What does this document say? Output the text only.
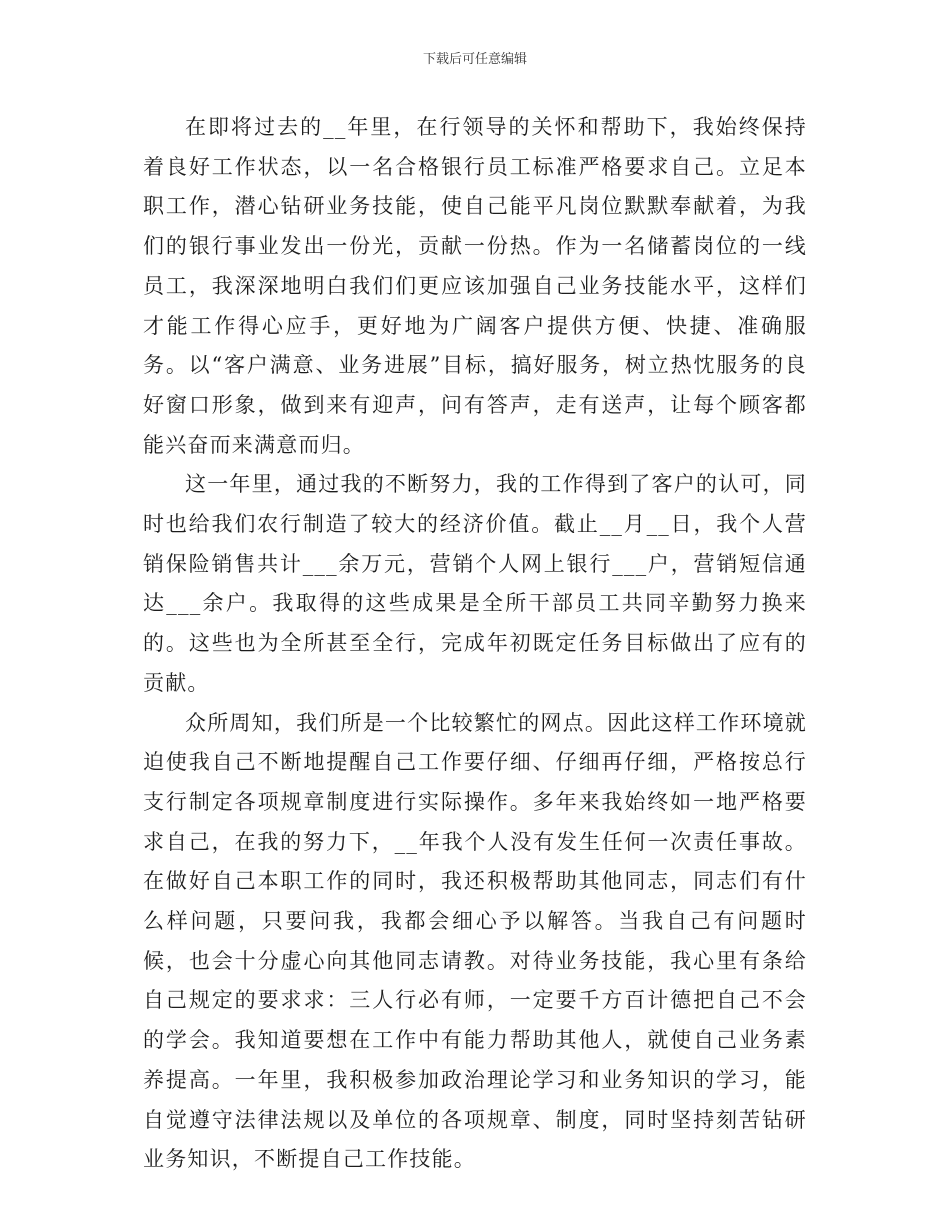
下载后可任意编辑

在即将过去的__年里，在行领导的关怀和帮助下，我始终保持着良好工作状态，以一名合格银行员工标准严格要求自己。立足本职工作，潜心钻研业务技能，使自己能平凡岗位默默奉献着，为我们的银行事业发出一份光，贡献一份热。作为一名储蓄岗位的一线员工，我深深地明白我们们更应该加强自己业务技能水平，这样们才能工作得心应手，更好地为广阔客户提供方便、快捷、准确服务。以“客户满意、业务进展”目标，搞好服务，树立热忱服务的良好窗口形象，做到来有迎声，问有答声，走有送声，让每个顾客都能兴奋而来满意而归。

这一年里，通过我的不断努力，我的工作得到了客户的认可，同时也给我们农行制造了较大的经济价值。截止__月__日，我个人营销保险销售共计___余万元，营销个人网上银行___户，营销短信通达___余户。我取得的这些成果是全所干部员工共同辛勤努力换来的。这些也为全所甚至全行，完成年初既定任务目标做出了应有的贡献。

众所周知，我们所是一个比较繁忙的网点。因此这样工作环境就迫使我自己不断地提醒自己工作要仔细、仔细再仔细，严格按总行支行制定各项规章制度进行实际操作。多年来我始终如一地严格要求自己，在我的努力下，__年我个人没有发生任何一次责任事故。在做好自己本职工作的同时，我还积极帮助其他同志，同志们有什么样问题，只要问我，我都会细心予以解答。当我自己有问题时候，也会十分虚心向其他同志请教。对待业务技能，我心里有条给自己规定的要求求：三人行必有师，一定要千方百计德把自己不会的学会。我知道要想在工作中有能力帮助其他人，就使自己业务素养提高。一年里，我积极参加政治理论学习和业务知识的学习，能自觉遵守法律法规以及单位的各项规章、制度，同时坚持刻苦钻研业务知识，不断提自己工作技能。
